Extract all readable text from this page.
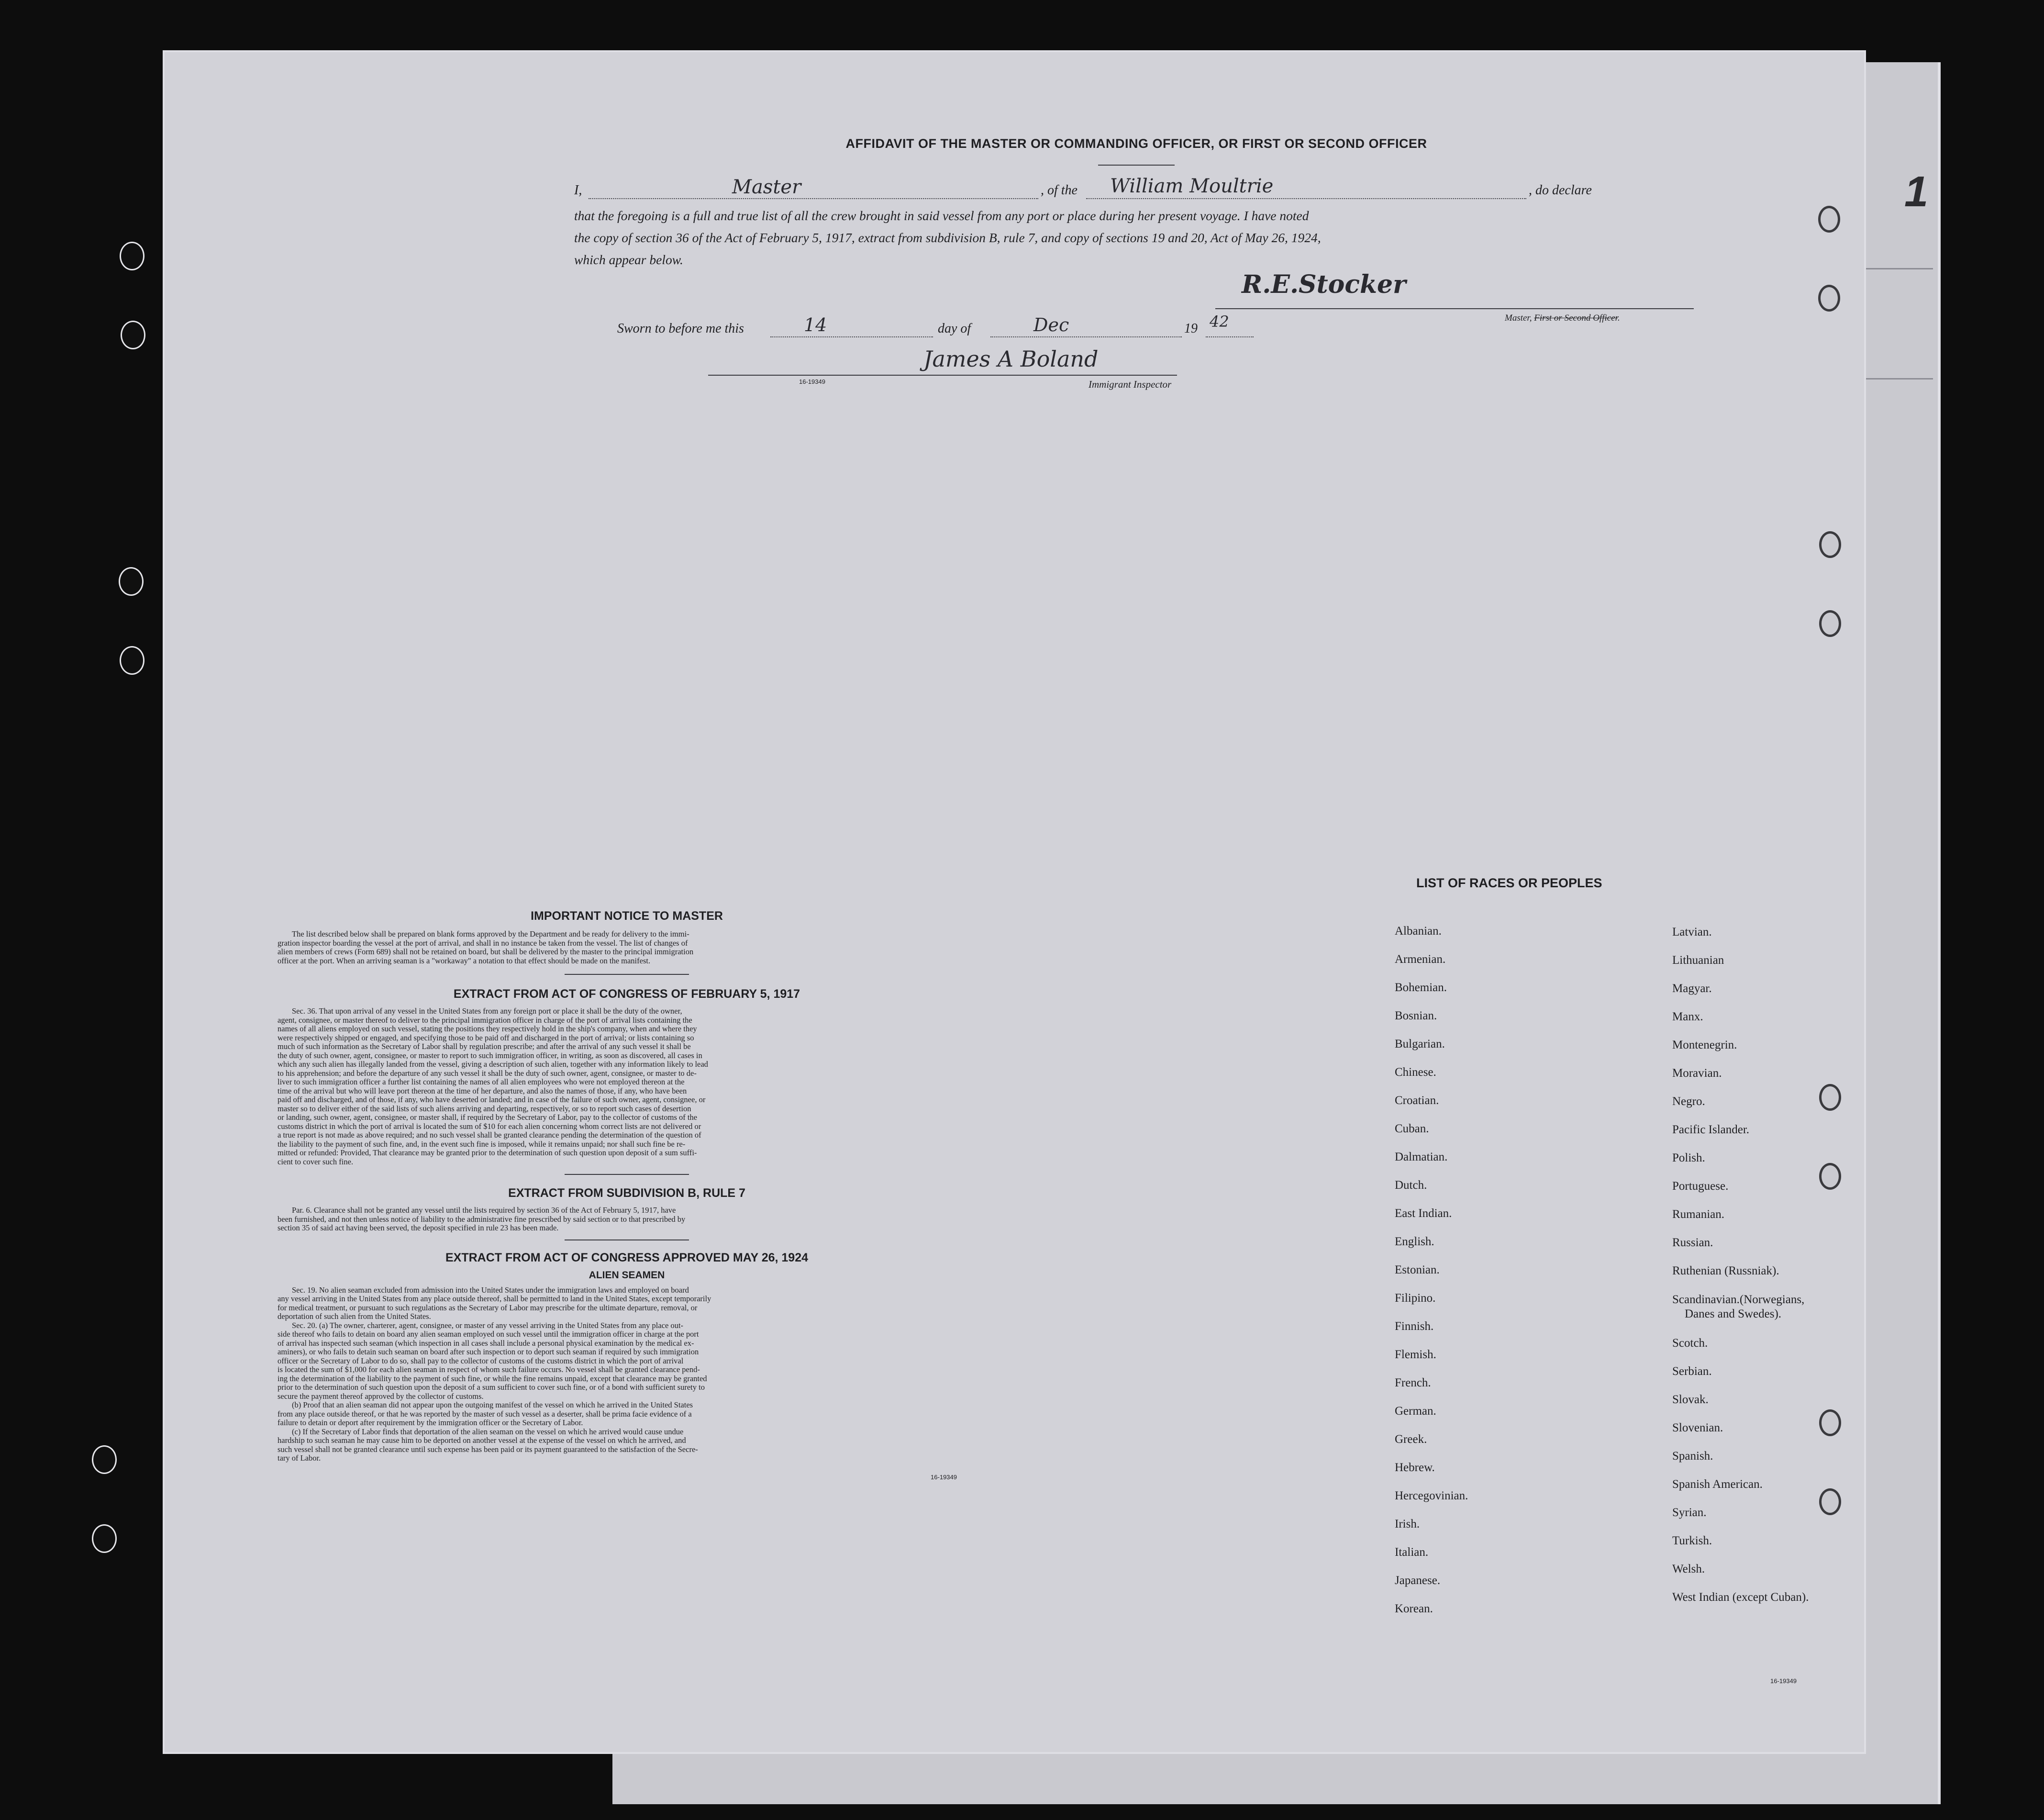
1
AFFIDAVIT OF THE MASTER OR COMMANDING OFFICER, OR FIRST OR SECOND OFFICER
I,	Master	, of the William Moultrie	, do declare
that the foregoing is a full and true list of all the crew brought in said vessel from any port or place during her present voyage. I have noted
the copy of section 36 of the Act of February 5, 1917, extract from subdivision B, rule 7, and copy of sections 19 and 20, Act of May 26, 1924,
which appear below.
R.E.Stocker
Master, First or Second Officer.
Sworn to before me this	14	day of	Dec	19 42
James A Boland
16-19349	Immigrant Inspector
IMPORTANT NOTICE TO MASTER

The list described below shall be prepared on blank forms approved by the Department and be ready for delivery to the immi-

gration inspector boarding the vessel at the port of arrival, and shall in no instance be taken from the vessel. The list of changes of

alien members of crews (Form 689) shall not be retained on board, but shall be delivered by the master to the principal immigration

officer at the port. When an arriving seaman is a "workaway" a notation to that effect should be made on the manifest.

EXTRACT FROM ACT OF CONGRESS OF FEBRUARY 5, 1917

Sec. 36. That upon arrival of any vessel in the United States from any foreign port or place it shall be the duty of the owner,

agent, consignee, or master thereof to deliver to the principal immigration officer in charge of the port of arrival lists containing the

names of all aliens employed on such vessel, stating the positions they respectively hold in the ship's company, when and where they

were respectively shipped or engaged, and specifying those to be paid off and discharged in the port of arrival; or lists containing so

much of such information as the Secretary of Labor shall by regulation prescribe; and after the arrival of any such vessel it shall be

the duty of such owner, agent, consignee, or master to report to such immigration officer, in writing, as soon as discovered, all cases in

which any such alien has illegally landed from the vessel, giving a description of such alien, together with any information likely to lead

to his apprehension; and before the departure of any such vessel it shall be the duty of such owner, agent, consignee, or master to de-

liver to such immigration officer a further list containing the names of all alien employees who were not employed thereon at the

time of the arrival but who will leave port thereon at the time of her departure, and also the names of those, if any, who have been

paid off and discharged, and of those, if any, who have deserted or landed; and in case of the failure of such owner, agent, consignee, or

master so to deliver either of the said lists of such aliens arriving and departing, respectively, or so to report such cases of desertion

or landing, such owner, agent, consignee, or master shall, if required by the Secretary of Labor, pay to the collector of customs of the

customs district in which the port of arrival is located the sum of $10 for each alien concerning whom correct lists are not delivered or

a true report is not made as above required; and no such vessel shall be granted clearance pending the determination of the question of

the liability to the payment of such fine, and, in the event such fine is imposed, while it remains unpaid; nor shall such fine be re-

mitted or refunded: Provided, That clearance may be granted prior to the determination of such question upon deposit of a sum suffi-

cient to cover such fine.

EXTRACT FROM SUBDIVISION B, RULE 7

Par. 6. Clearance shall not be granted any vessel until the lists required by section 36 of the Act of February 5, 1917, have

been furnished, and not then unless notice of liability to the administrative fine prescribed by said section or to that prescribed by

section 35 of said act having been served, the deposit specified in rule 23 has been made.

EXTRACT FROM ACT OF CONGRESS APPROVED MAY 26, 1924
ALIEN SEAMEN

Sec. 19. No alien seaman excluded from admission into the United States under the immigration laws and employed on board

any vessel arriving in the United States from any place outside thereof, shall be permitted to land in the United States, except temporarily

for medical treatment, or pursuant to such regulations as the Secretary of Labor may prescribe for the ultimate departure, removal, or

deportation of such alien from the United States.

Sec. 20. (a) The owner, charterer, agent, consignee, or master of any vessel arriving in the United States from any place out-

side thereof who fails to detain on board any alien seaman employed on such vessel until the immigration officer in charge at the port

of arrival has inspected such seaman (which inspection in all cases shall include a personal physical examination by the medical ex-

aminers), or who fails to detain such seaman on board after such inspection or to deport such seaman if required by such immigration

officer or the Secretary of Labor to do so, shall pay to the collector of customs of the customs district in which the port of arrival

is located the sum of $1,000 for each alien seaman in respect of whom such failure occurs. No vessel shall be granted clearance pend-

ing the determination of the liability to the payment of such fine, or while the fine remains unpaid, except that clearance may be granted

prior to the determination of such question upon the deposit of a sum sufficient to cover such fine, or of a bond with sufficient surety to

secure the payment thereof approved by the collector of customs.

(b) Proof that an alien seaman did not appear upon the outgoing manifest of the vessel on which he arrived in the United States

from any place outside thereof, or that he was reported by the master of such vessel as a deserter, shall be prima facie evidence of a

failure to detain or deport after requirement by the immigration officer or the Secretary of Labor.

(c) If the Secretary of Labor finds that deportation of the alien seaman on the vessel on which he arrived would cause undue

hardship to such seaman he may cause him to be deported on another vessel at the expense of the vessel on which he arrived, and

such vessel shall not be granted clearance until such expense has been paid or its payment guaranteed to the satisfaction of the Secre-

tary of Labor.

16-19349
LIST OF RACES OR PEOPLES
Albanian.
Armenian.
Bohemian.
Bosnian.
Bulgarian.
Chinese.
Croatian.
Cuban.
Dalmatian.
Dutch.
East Indian.
English.
Estonian.
Filipino.
Finnish.
Flemish.
French.
German.
Greek.
Hebrew.
Hercegovinian.
Irish.
Italian.
Japanese.
Korean.
Latvian.
Lithuanian
Magyar.
Manx.
Montenegrin.
Moravian.
Negro.
Pacific Islander.
Polish.
Portuguese.
Rumanian.
Russian.
Ruthenian (Russniak).
Scandinavian.(Norwegians,
Danes and Swedes).
Scotch.
Serbian.
Slovak.
Slovenian.
Spanish.
Spanish American.
Syrian.
Turkish.
Welsh.
West Indian (except Cuban).
16-19349
